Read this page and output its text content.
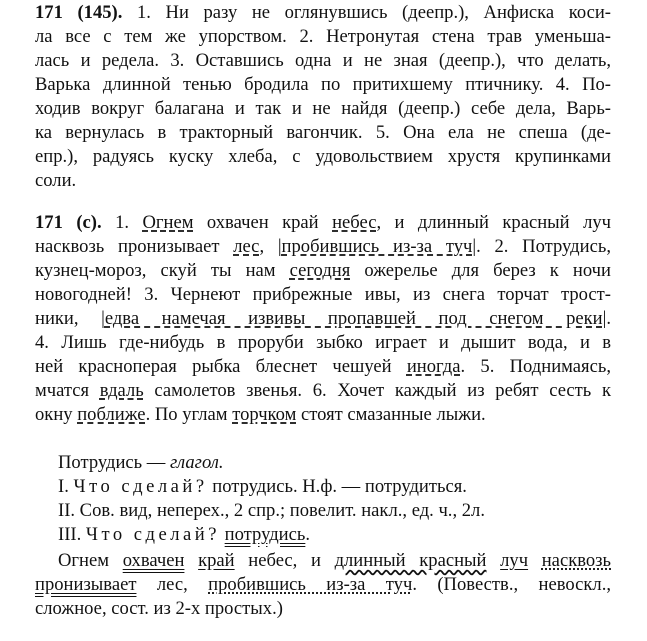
171 (145). 1. Ни разу не оглянувшись (деепр.), Анфиска коси-
ла все с тем же упорством. 2. Нетронутая стена трав уменьша-
лась и редела. 3. Оставшись одна и не зная (деепр.), что делать,
Варька длинной тенью бродила по притихшему птичнику. 4. По-
ходив вокруг балагана и так и не найдя (деепр.) себе дела, Варь-
ка вернулась в тракторный вагончик. 5. Она ела не спеша (де-
епр.), радуясь куску хлеба, с удовольствием хрустя крупинками
соли.
171 (с). 1. Огнем охвачен край небес, и длинный красный луч
насквозь пронизывает лес, |пробившись из-за туч|. 2. Потрудись,
кузнец-мороз, скуй ты нам сегодня ожерелье для берез к ночи
новогодней! 3. Чернеют прибрежные ивы, из снега торчат трост-
ники, |едва намечая извивы пропавшей под снегом реки|.
4. Лишь где-нибудь в проруби зыбко играет и дышит вода, и в
ней красноперая рыбка блеснет чешуей иногда. 5. Поднимаясь,
мчатся вдаль самолетов звенья. 6. Хочет каждый из ребят сесть к
окну поближе. По углам торчком стоят смазанные лыжи.
Потрудись — глагол.
I. Что сделай? потрудись. Н.ф. — потрудиться.
II. Сов. вид, неперех., 2 спр.; повелит. накл., ед. ч., 2л.
III. Что сделай? потрудись.
Огнем охвачен край небес, и длинный красный луч насквозь
пронизывает лес, пробившись из-за туч. (Повеств., невоскл.,
сложное, сост. из 2-х простых.)
